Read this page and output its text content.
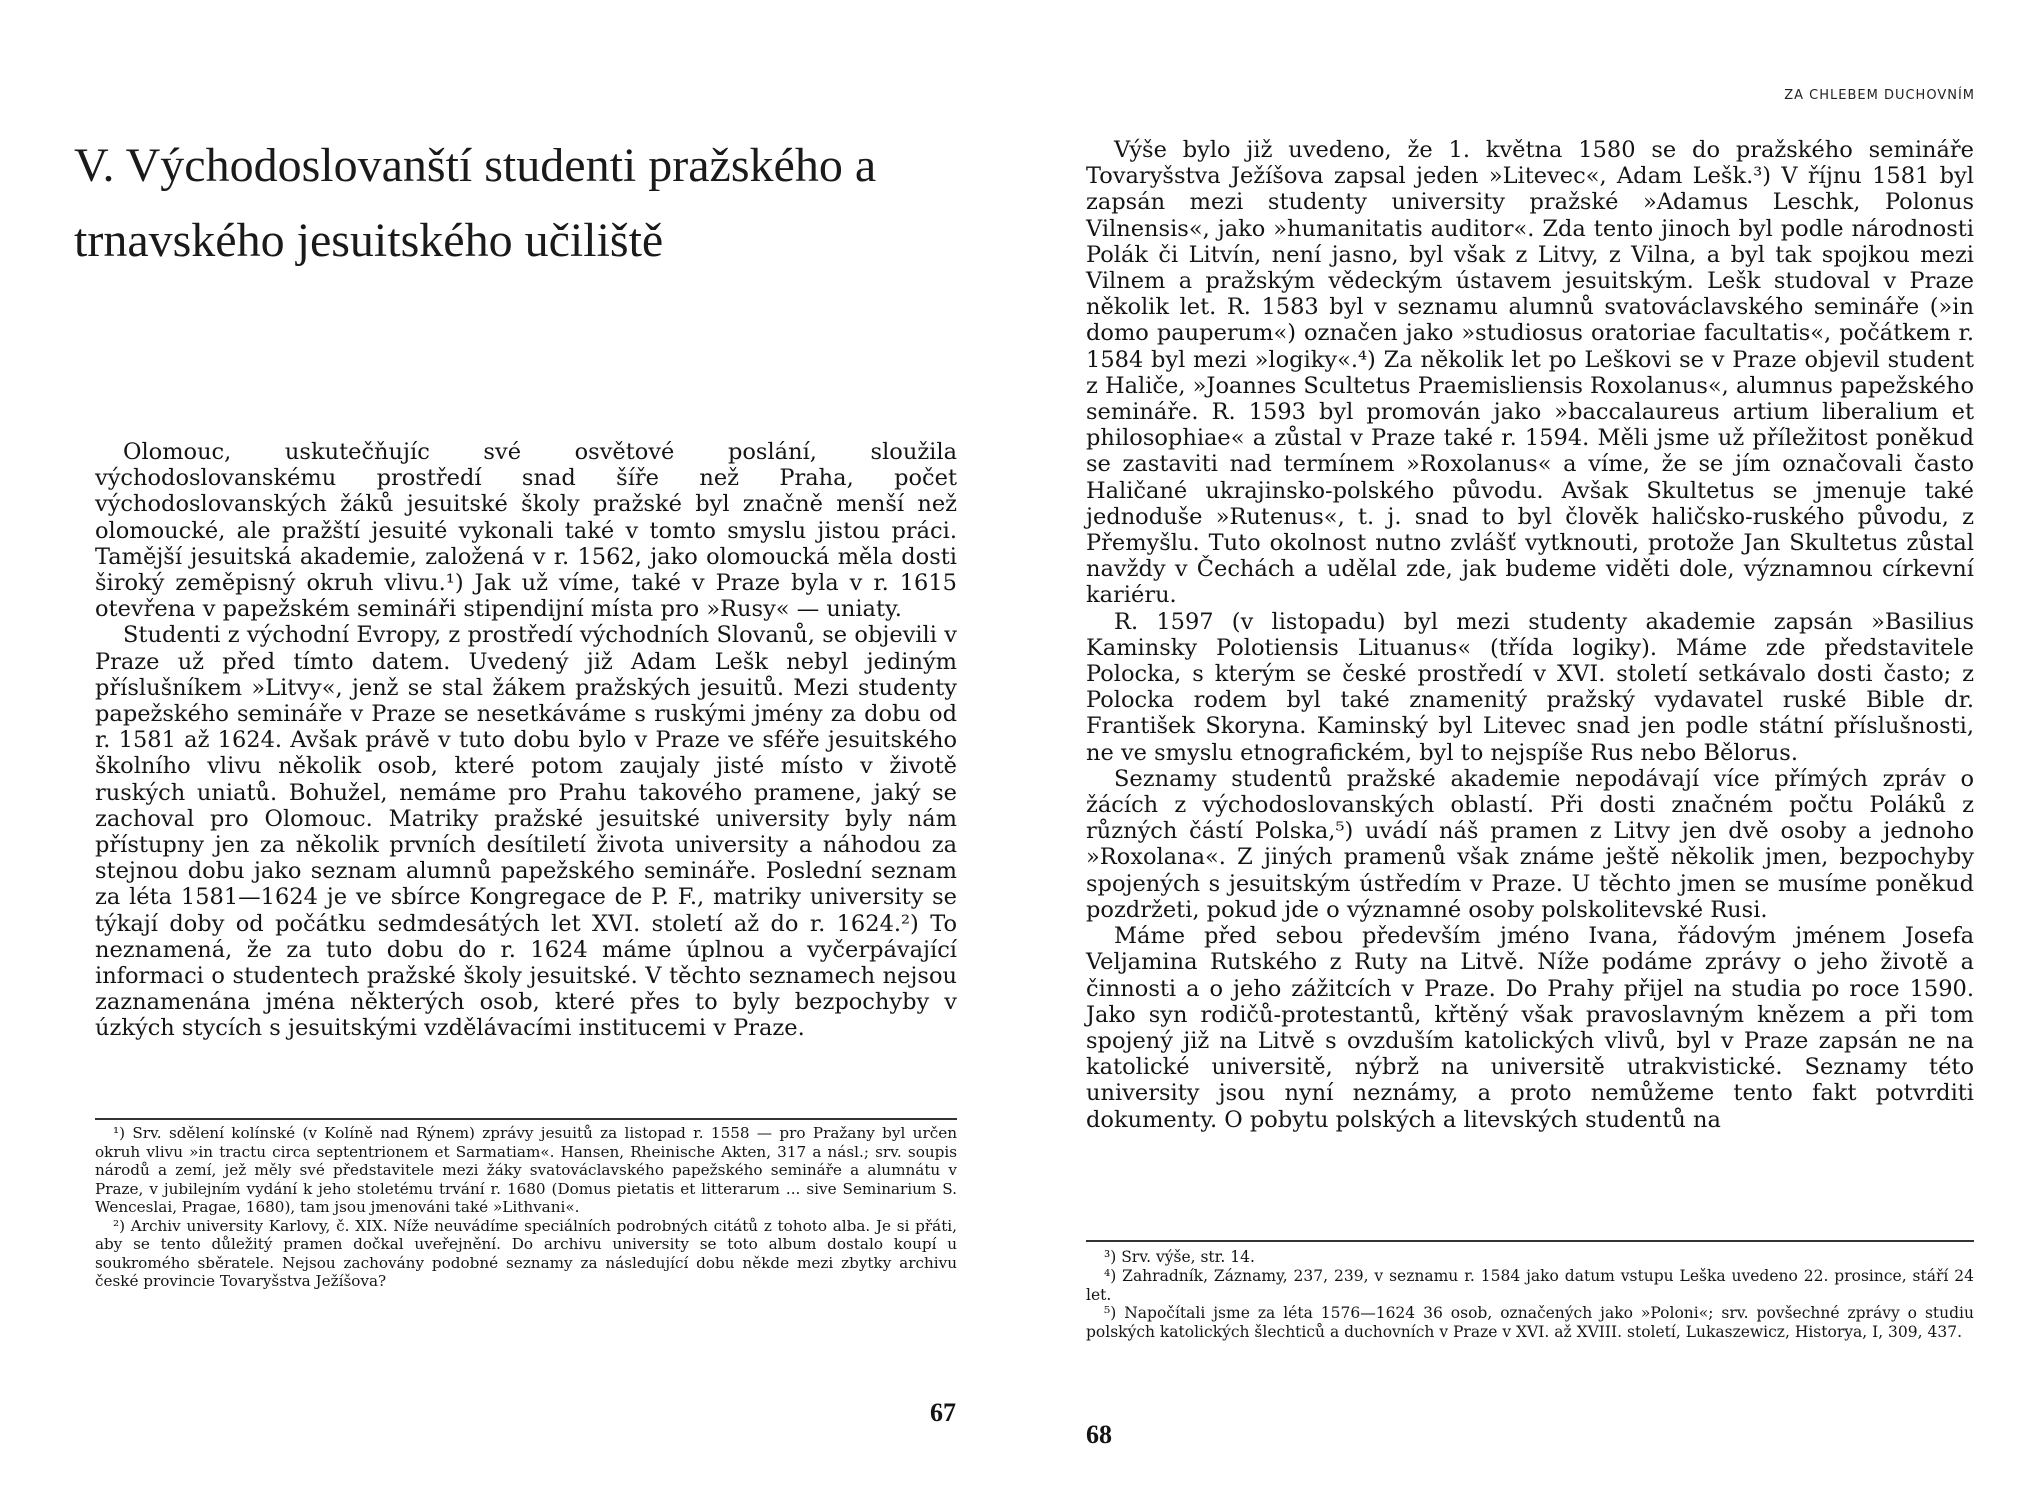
V. Východoslovanští studenti pražského a trnavského jesuitského učiliště

Olomouc, uskutečňujíc své osvětové poslání, sloužila východoslovanskému prostředí snad šíře než Praha, počet východoslovanských žáků jesuitské školy pražské byl značně menší než olomoucké, ale pražští jesuité vykonali také v tomto smyslu jistou práci. Tamější jesuitská akademie, založená v r. 1562, jako olomoucká měla dosti široký zeměpisný okruh vlivu.¹) Jak už víme, také v Praze byla v r. 1615 otevřena v papežském semináři stipendijní místa pro »Rusy« — uniaty.

Studenti z východní Evropy, z prostředí východních Slovanů, se objevili v Praze už před tímto datem. Uvedený již Adam Lešk nebyl jediným příslušníkem »Litvy«, jenž se stal žákem pražských jesuitů. Mezi studenty papežského semináře v Praze se nesetkáváme s ruskými jmény za dobu od r. 1581 až 1624. Avšak právě v tuto dobu bylo v Praze ve sféře jesuitského školního vlivu několik osob, které potom zaujaly jisté místo v životě ruských uniatů. Bohužel, nemáme pro Prahu takového pramene, jaký se zachoval pro Olomouc. Matriky pražské jesuitské university byly nám přístupny jen za několik prvních desítiletí života university a náhodou za stejnou dobu jako seznam alumnů papežského semináře. Poslední seznam za léta 1581—1624 je ve sbírce Kongregace de P. F., matriky university se týkají doby od počátku sedmdesátých let XVI. století až do r. 1624.²) To neznamená, že za tuto dobu do r. 1624 máme úplnou a vyčerpávající informaci o studentech pražské školy jesuitské. V těchto seznamech nejsou zaznamenána jména některých osob, které přes to byly bezpochyby v úzkých stycích s jesuitskými vzdělávacími institucemi v Praze.

¹) Srv. sdělení kolínské (v Kolíně nad Rýnem) zprávy jesuitů za listopad r. 1558 — pro Pražany byl určen okruh vlivu »in tractu circa septentrionem et Sarmatiam«. Hansen, Rheinische Akten, 317 a násl.; srv. soupis národů a zemí, jež měly své představitele mezi žáky svatováclavského papežského semináře a alumnátu v Praze, v jubilejním vydání k jeho stoletému trvání r. 1680 (Domus pietatis et litterarum ... sive Seminarium S. Wenceslai, Pragae, 1680), tam jsou jmenováni také »Lithvani«.

²) Archiv university Karlovy, č. XIX. Níže neuvádíme speciálních podrobných citátů z tohoto alba. Je si přáti, aby se tento důležitý pramen dočkal uveřejnění. Do archivu university se toto album dostalo koupí u soukromého sběratele. Nejsou zachovány podobné seznamy za následující dobu někde mezi zbytky archivu české provincie Tovaryšstva Ježíšova?

67
ZA CHLEBEM DUCHOVNÍM

Výše bylo již uvedeno, že 1. května 1580 se do pražského semináře Tovaryšstva Ježíšova zapsal jeden »Litevec«, Adam Lešk.³) V říjnu 1581 byl zapsán mezi studenty university pražské »Adamus Leschk, Polonus Vilnensis«, jako »humanitatis auditor«. Zda tento jinoch byl podle národnosti Polák či Litvín, není jasno, byl však z Litvy, z Vilna, a byl tak spojkou mezi Vilnem a pražským vědeckým ústavem jesuitským. Lešk studoval v Praze několik let. R. 1583 byl v seznamu alumnů svatováclavského semináře (»in domo pauperum«) označen jako »studiosus oratoriae facultatis«, počátkem r. 1584 byl mezi »logiky«.⁴) Za několik let po Leškovi se v Praze objevil student z Haliče, »Joannes Scultetus Praemisliensis Roxolanus«, alumnus papežského semináře. R. 1593 byl promován jako »baccalaureus artium liberalium et philosophiae« a zůstal v Praze také r. 1594. Měli jsme už příležitost poněkud se zastaviti nad termínem »Roxolanus« a víme, že se jím označovali často Haličané ukrajinsko-polského původu. Avšak Skultetus se jmenuje také jednoduše »Rutenus«, t. j. snad to byl člověk haličsko-ruského původu, z Přemyšlu. Tuto okolnost nutno zvlášť vytknouti, protože Jan Skultetus zůstal navždy v Čechách a udělal zde, jak budeme viděti dole, významnou církevní kariéru.

R. 1597 (v listopadu) byl mezi studenty akademie zapsán »Basilius Kaminsky Polotiensis Lituanus« (třída logiky). Máme zde představitele Polocka, s kterým se české prostředí v XVI. století setkávalo dosti často; z Polocka rodem byl také znamenitý pražský vydavatel ruské Bible dr. František Skoryna. Kaminský byl Litevec snad jen podle státní příslušnosti, ne ve smyslu etnografickém, byl to nejspíše Rus nebo Bělorus.

Seznamy studentů pražské akademie nepodávají více přímých zpráv o žácích z východoslovanských oblastí. Při dosti značném počtu Poláků z různých částí Polska,⁵) uvádí náš pramen z Litvy jen dvě osoby a jednoho »Roxolana«. Z jiných pramenů však známe ještě několik jmen, bezpochyby spojených s jesuitským ústředím v Praze. U těchto jmen se musíme poněkud pozdržeti, pokud jde o významné osoby polskolitevské Rusi.

Máme před sebou především jméno Ivana, řádovým jménem Josefa Veljamina Rutského z Ruty na Litvě. Níže podáme zprávy o jeho životě a činnosti a o jeho zážitcích v Praze. Do Prahy přijel na studia po roce 1590. Jako syn rodičů-protestantů, křtěný však pravoslavným knězem a při tom spojený již na Litvě s ovzduším katolických vlivů, byl v Praze zapsán ne na katolické universitě, nýbrž na universitě utrakvistické. Seznamy této university jsou nyní neznámy, a proto nemůžeme tento fakt potvrditi dokumenty. O pobytu polských a litevských studentů na

³) Srv. výše, str. 14.

⁴) Zahradník, Záznamy, 237, 239, v seznamu r. 1584 jako datum vstupu Leška uvedeno 22. prosince, stáří 24 let.

⁵) Napočítali jsme za léta 1576—1624 36 osob, označených jako »Poloni«; srv. povšechné zprávy o studiu polských katolických šlechticů a duchovních v Praze v XVI. až XVIII. století, Lukaszewicz, Historya, I, 309, 437.

68
